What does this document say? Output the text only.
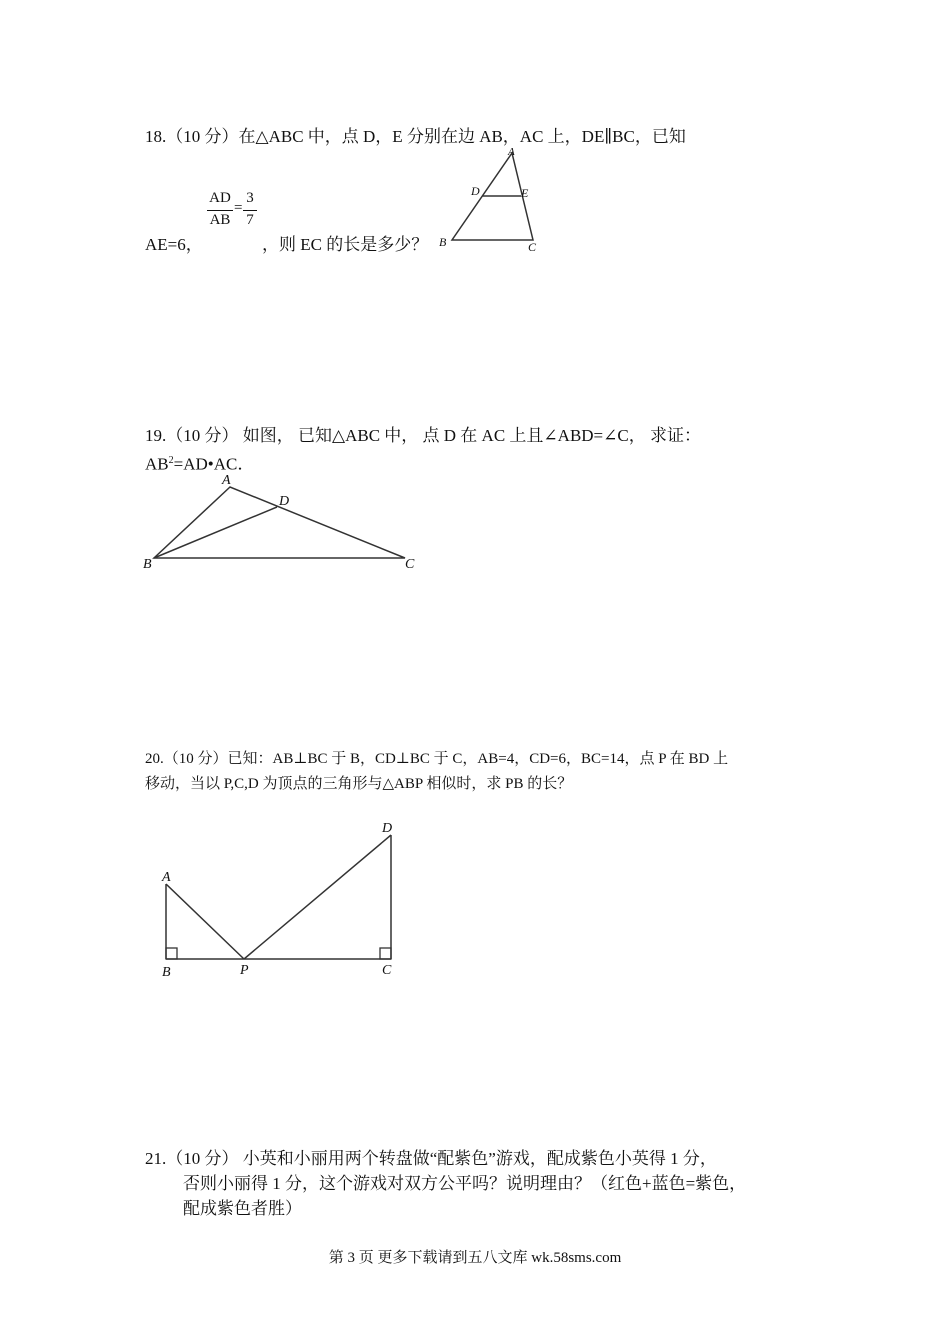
18.（10 分）在△ABC 中，点 D，E 分别在边 AB，AC 上，DE∥BC，已知
AD
AB
=
3
7
AE=6，	，则 EC 的长是多少？
A
B	C
D	E
19.（10 分） 如图， 已知△ABC 中， 点 D 在 AC 上且∠ABD=∠C， 求证：
$AB^2=AD•AC$．
A
B	C
D
20.（10 分）已知：AB⊥BC 于 B，CD⊥BC 于 C，AB=4，CD=6，BC=14，点 P 在 BD 上
移动，当以 P,C,D 为顶点的三角形与△ABP 相似时，求 PB 的长？
A
B	P	C
D
21.（10 分） 小英和小丽用两个转盘做“配紫色”游戏，配成紫色小英得 1 分，
否则小丽得 1 分，这个游戏对双方公平吗？说明理由？（红色+蓝色=紫色，
配成紫色者胜）
第 3 页 更多下载请到五八文库 wk.58sms.com
